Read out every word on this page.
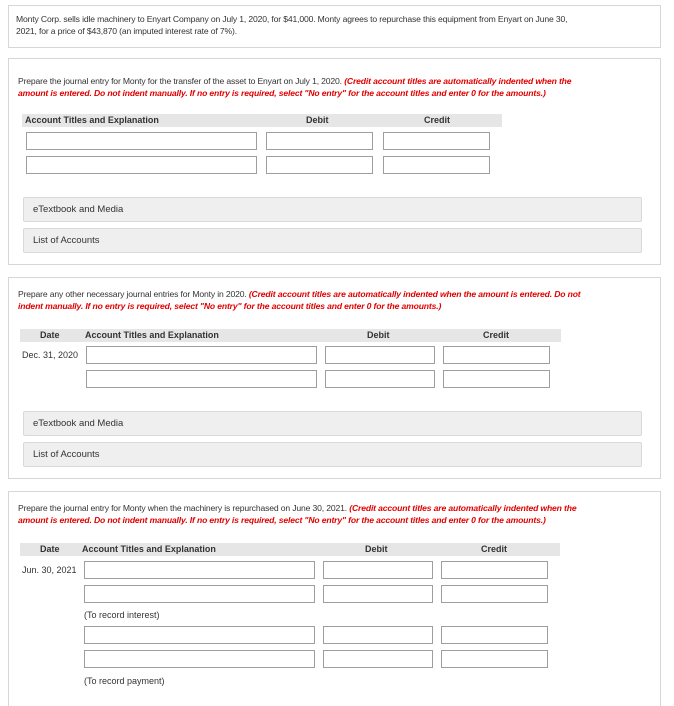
Monty Corp. sells idle machinery to Enyart Company on July 1, 2020, for $41,000. Monty agrees to repurchase this equipment from Enyart on June 30,

2021, for a price of $43,870 (an imputed interest rate of 7%).

Prepare the journal entry for Monty for the transfer of the asset to Enyart on July 1, 2020. (Credit account titles are automatically indented when the

amount is entered. Do not indent manually. If no entry is required, select "No entry" for the account titles and enter 0 for the amounts.)

Account Titles and Explanation	Debit	Credit
eTextbook and Media
List of Accounts

Prepare any other necessary journal entries for Monty in 2020. (Credit account titles are automatically indented when the amount is entered. Do not

indent manually. If no entry is required, select "No entry" for the account titles and enter 0 for the amounts.)

Date	Account Titles and Explanation	Debit	Credit
Dec. 31, 2020
eTextbook and Media
List of Accounts

Prepare the journal entry for Monty when the machinery is repurchased on June 30, 2021. (Credit account titles are automatically indented when the

amount is entered. Do not indent manually. If no entry is required, select "No entry" for the account titles and enter 0 for the amounts.)

Date Account Titles and Explanation	Debit	Credit
Jun. 30, 2021
(To record interest)
(To record payment)
